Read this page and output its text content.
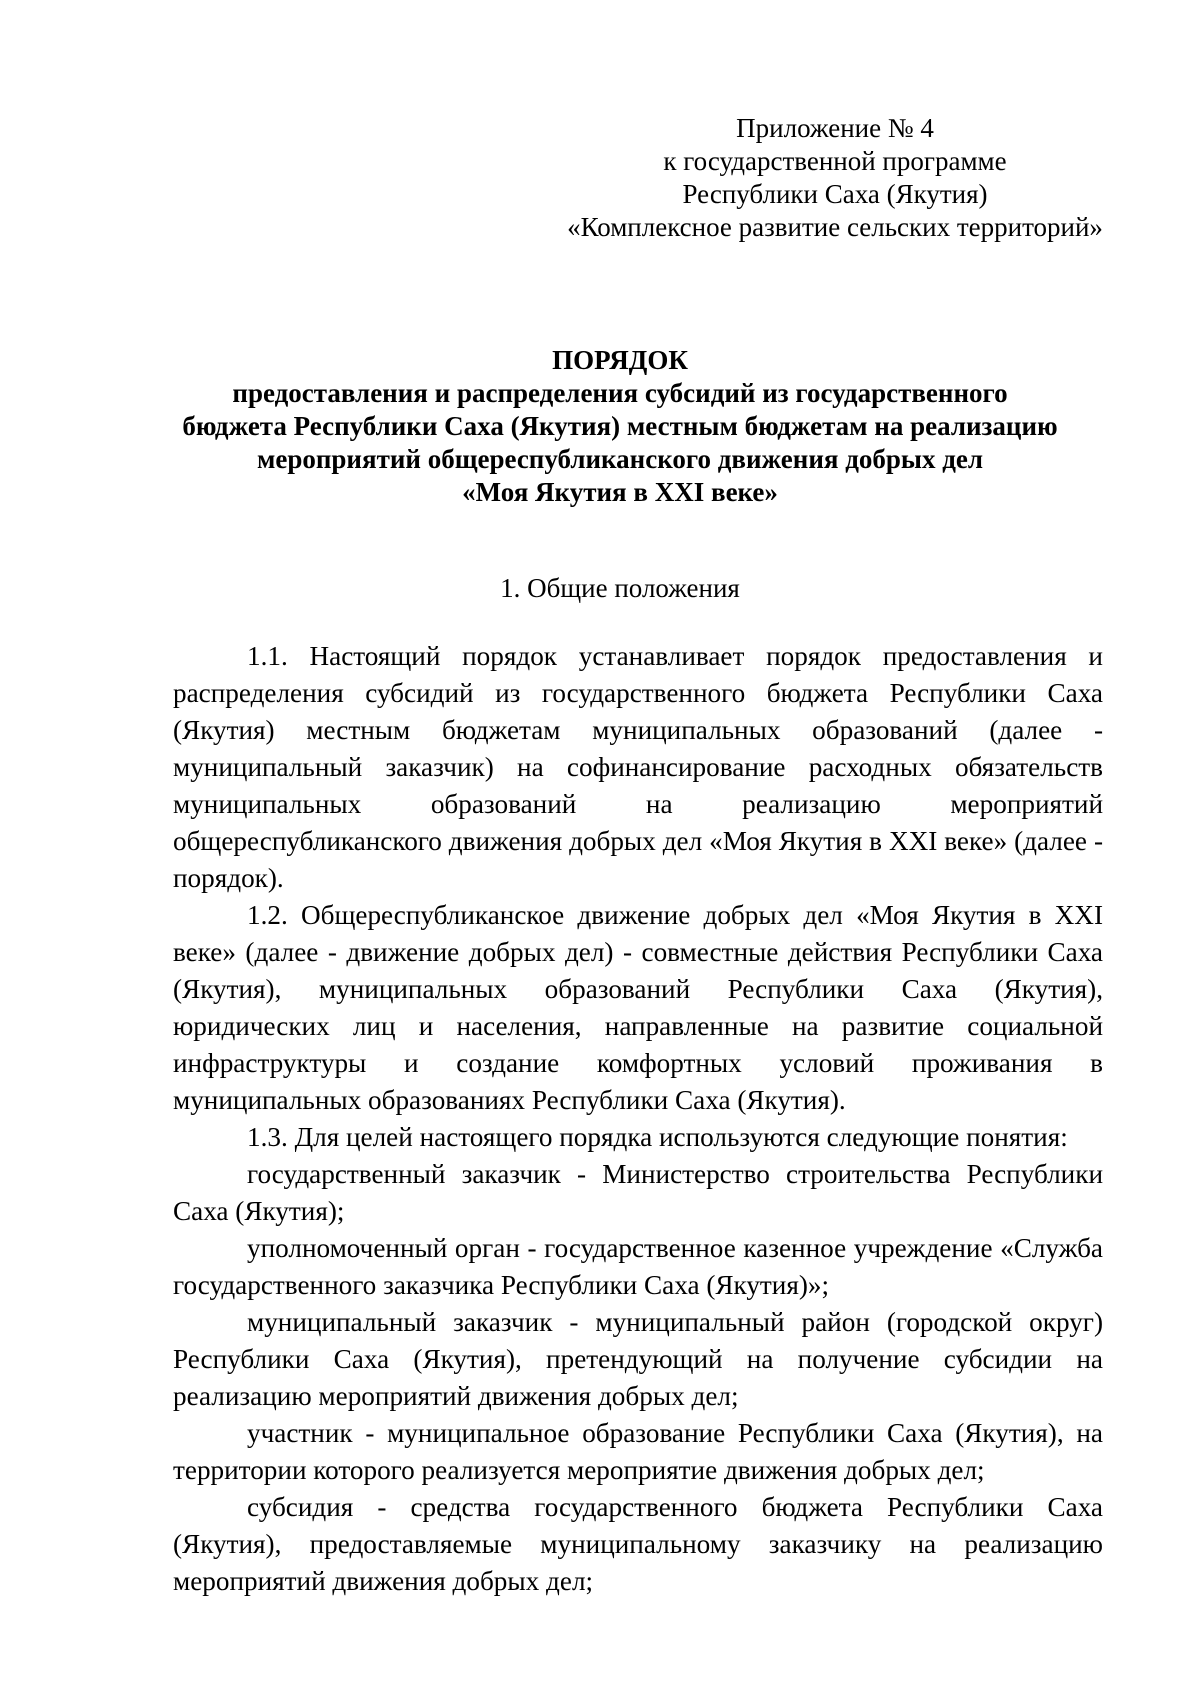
Приложение № 4
к государственной программе
Республики Саха (Якутия)
«Комплексное развитие сельских территорий»
ПОРЯДОК
предоставления и распределения субсидий из государственного
бюджета Республики Саха (Якутия) местным бюджетам на реализацию
мероприятий общереспубликанского движения добрых дел
«Моя Якутия в XXI веке»
1. Общие положения

1.1. Настоящий порядок устанавливает порядок предоставления и распределения субсидий из государственного бюджета Республики Саха (Якутия) местным бюджетам муниципальных образований (далее - муниципальный заказчик) на софинансирование расходных обязательств муниципальных образований на реализацию мероприятий общереспубликанского движения добрых дел «Моя Якутия в XXI веке» (далее - порядок).

1.2. Общереспубликанское движение добрых дел «Моя Якутия в XXI веке» (далее - движение добрых дел) - совместные действия Республики Саха (Якутия), муниципальных образований Республики Саха (Якутия), юридических лиц и населения, направленные на развитие социальной инфраструктуры и создание комфортных условий проживания в муниципальных образованиях Республики Саха (Якутия).

1.3. Для целей настоящего порядка используются следующие понятия:

государственный заказчик - Министерство строительства Республики Саха (Якутия);

уполномоченный орган - государственное казенное учреждение «Служба государственного заказчика Республики Саха (Якутия)»;

муниципальный заказчик - муниципальный район (городской округ) Республики Саха (Якутия), претендующий на получение субсидии на реализацию мероприятий движения добрых дел;

участник - муниципальное образование Республики Саха (Якутия), на территории которого реализуется мероприятие движения добрых дел;

субсидия - средства государственного бюджета Республики Саха (Якутия), предоставляемые муниципальному заказчику на реализацию мероприятий движения добрых дел;
